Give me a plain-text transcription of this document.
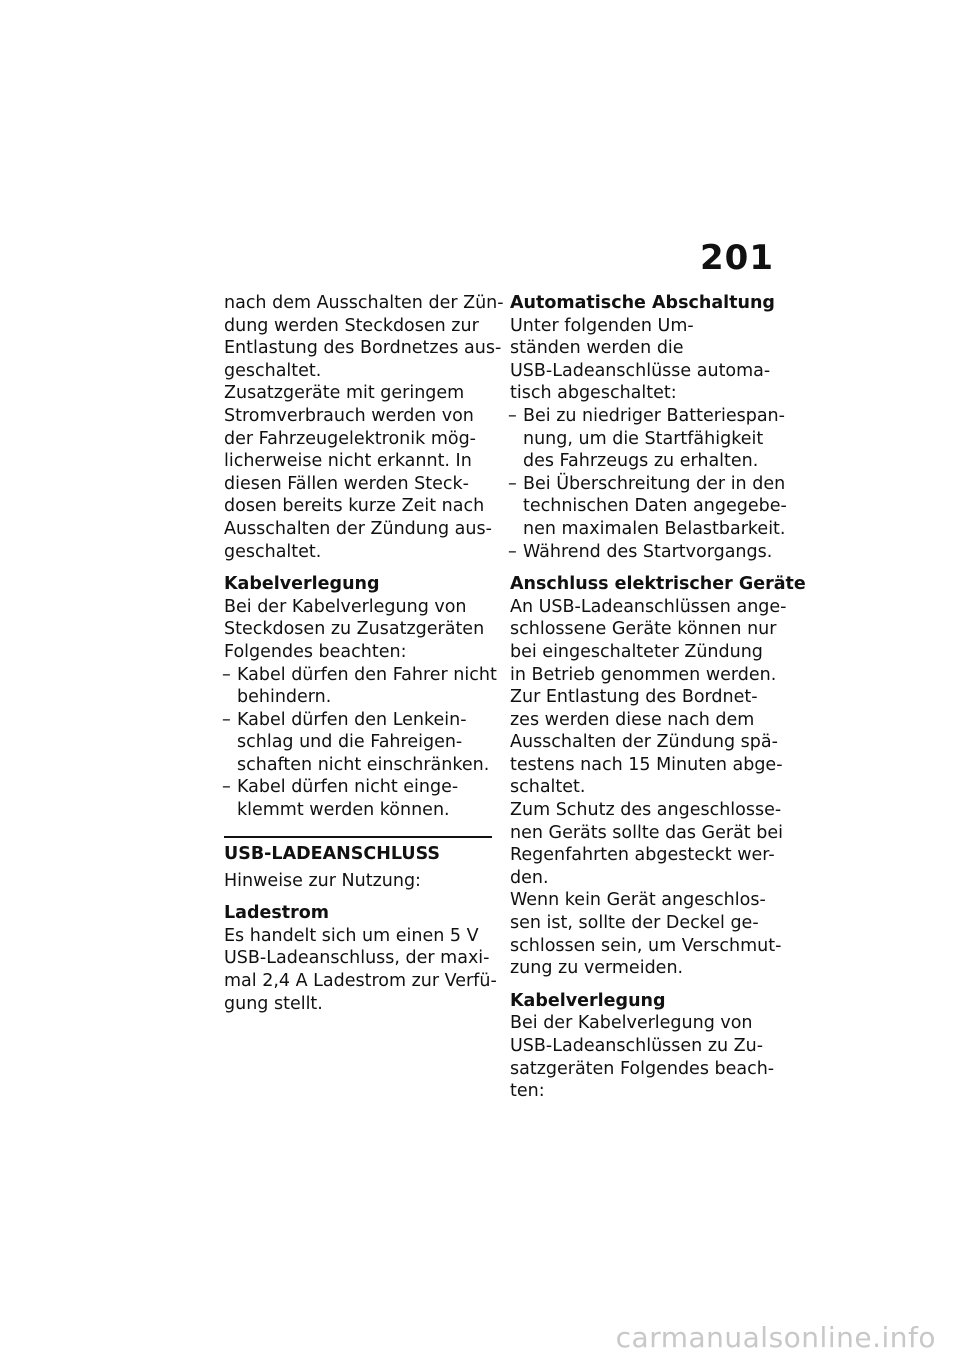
201
nach dem Ausschalten der Zün-
dung werden Steckdosen zur
Entlastung des Bordnetzes aus-
geschaltet.
Zusatzgeräte mit geringem
Stromverbrauch werden von
der Fahrzeugelektronik mög-
licherweise nicht erkannt. In
diesen Fällen werden Steck-
dosen bereits kurze Zeit nach
Ausschalten der Zündung aus-
geschaltet.
Kabelverlegung
Bei der Kabelverlegung von
Steckdosen zu Zusatzgeräten
Folgendes beachten:
– Kabel dürfen den Fahrer nicht
behindern.
– Kabel dürfen den Lenkein-
schlag und die Fahreigen-
schaften nicht einschränken.
– Kabel dürfen nicht einge-
klemmt werden können.
USB-LADEANSCHLUSS
Hinweise zur Nutzung:
Ladestrom
Es handelt sich um einen 5 V
USB-Ladeanschluss, der maxi-
mal 2,4 A Ladestrom zur Verfü-
gung stellt.
Automatische Abschaltung
Unter folgenden Um-
ständen werden die
USB-Ladeanschlüsse automa-
tisch abgeschaltet:
– Bei zu niedriger Batteriespan-
nung, um die Startfähigkeit
des Fahrzeugs zu erhalten.
– Bei Überschreitung der in den
technischen Daten angegebe-
nen maximalen Belastbarkeit.
– Während des Startvorgangs.
Anschluss elektrischer Geräte
An USB-Ladeanschlüssen ange-
schlossene Geräte können nur
bei eingeschalteter Zündung
in Betrieb genommen werden.
Zur Entlastung des Bordnet-
zes werden diese nach dem
Ausschalten der Zündung spä-
testens nach 15 Minuten abge-
schaltet.
Zum Schutz des angeschlosse-
nen Geräts sollte das Gerät bei
Regenfahrten abgesteckt wer-
den.
Wenn kein Gerät angeschlos-
sen ist, sollte der Deckel ge-
schlossen sein, um Verschmut-
zung zu vermeiden.
Kabelverlegung
Bei der Kabelverlegung von
USB-Ladeanschlüssen zu Zu-
satzgeräten Folgendes beach-
ten:
carmanualsonline.info
